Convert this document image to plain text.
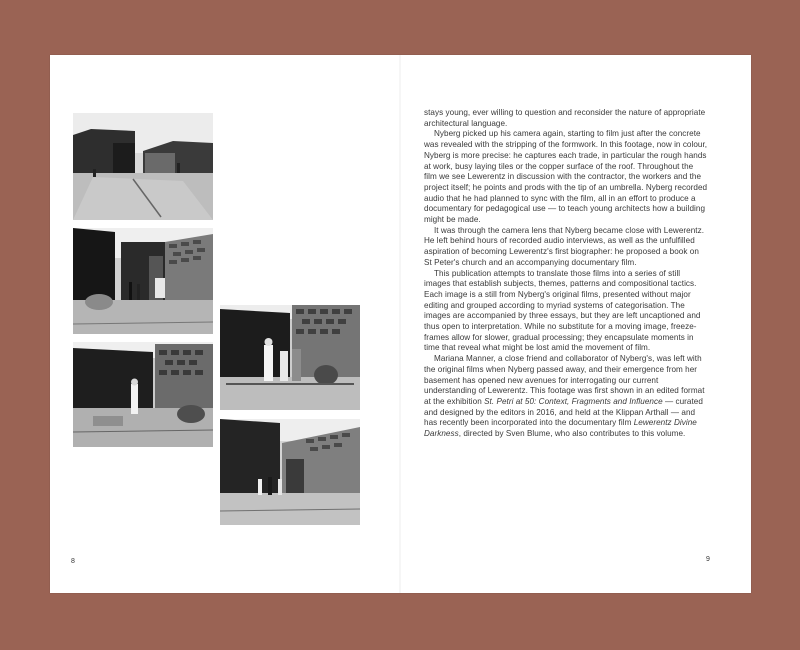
stays young, ever willing to question and reconsider the nature of appropriate architectural language.

Nyberg picked up his camera again, starting to film just after the concrete was revealed with the stripping of the formwork. In this footage, now in colour, Nyberg is more precise: he captures each trade, in particular the rough hands at work, busy laying tiles or the copper surface of the roof. Throughout the film we see Lewerentz in discussion with the contractor, the workers and the project itself; he points and prods with the tip of an umbrella. Nyberg recorded audio that he had planned to sync with the film, all in an effort to produce a documentary for pedagogical use — to teach young architects how a building might be made.

It was through the camera lens that Nyberg became close with Lewerentz. He left behind hours of recorded audio interviews, as well as the unfulfilled aspiration of becoming Lewerentz's first biographer: he proposed a book on St Peter's church and an accompanying documentary film.

This publication attempts to translate those films into a series of still images that establish subjects, themes, patterns and compositional tactics. Each image is a still from Nyberg's original films, presented without major editing and grouped according to myriad systems of categorisation. The images are accompanied by three essays, but they are left uncaptioned and thus open to interpretation. While no substitute for a moving image, freeze-frames allow for slower, gradual processing; they encapsulate moments in time that reveal what might be lost amid the movement of film.

Mariana Manner, a close friend and collaborator of Nyberg's, was left with the original films when Nyberg passed away, and their emergence from her basement has opened new avenues for interrogating our current understanding of Lewerentz. This footage was first shown in an edited format at the exhibition St. Petri at 50: Context, Fragments and Influence — curated and designed by the editors in 2016, and held at the Klippan Arthall — and has recently been incorporated into the documentary film Lewerentz Divine Darkness, directed by Sven Blume, who also contributes to this volume.

8	9
